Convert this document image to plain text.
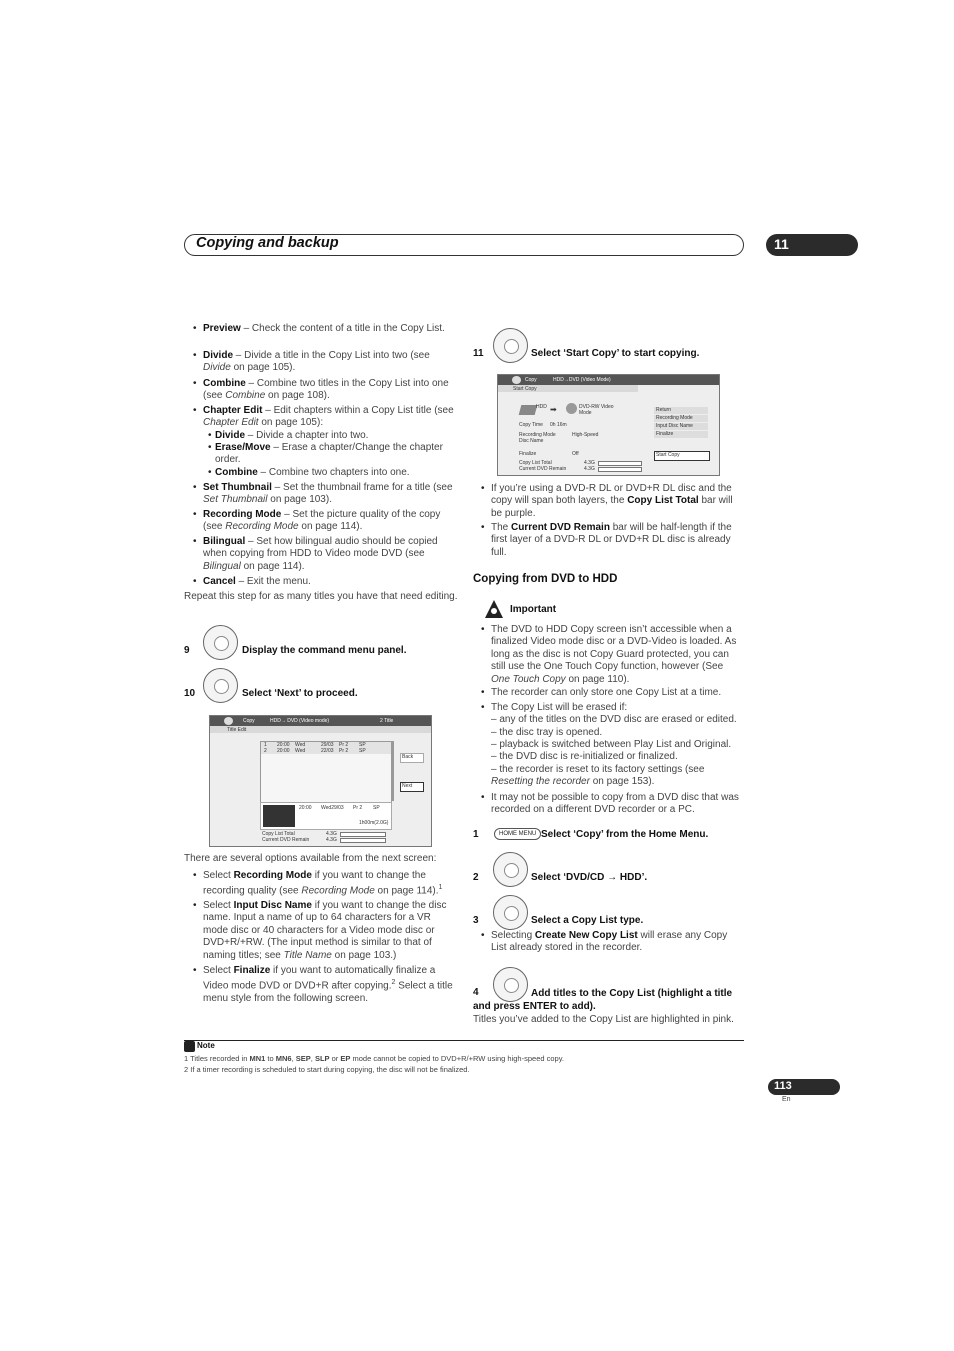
Copying and backup	11
• Preview – Check the content of a title in the Copy List.
• Divide – Divide a title in the Copy List into two (see Divide on page 105).
• Combine – Combine two titles in the Copy List into one (see Combine on page 108).
• Chapter Edit – Edit chapters within a Copy List title (see Chapter Edit on page 105):
• Divide – Divide a chapter into two.
• Erase/Move – Erase a chapter/Change the chapter order.
• Combine – Combine two chapters into one.
• Set Thumbnail – Set the thumbnail frame for a title (see Set Thumbnail on page 103).
• Recording Mode – Set the picture quality of the copy (see Recording Mode on page 114).
• Bilingual – Set how bilingual audio should be copied when copying from HDD to Video mode DVD (see Bilingual on page 114).
• Cancel – Exit the menu.
Repeat this step for as many titles you have that need editing.
9	Display the command menu panel.
10	Select ‘Next’ to proceed.
Copy	HDD→ DVD (Video mode)	2 Title
Title Edit
1 20:00 Wed	29/03 Pr 2 SP
2 20:00 Wed	22/03 Pr 2 SP
Back
Next
20:00 Wed29/03 Pr 2 SP
1h00m(2.0G)
Copy List Total	4.3G
Current DVD Remain	4.3G
There are several options available from the next screen:
• Select Recording Mode if you want to change the recording quality (see Recording Mode on page 114).$^1$
• Select Input Disc Name if you want to change the disc name. Input a name of up to 64 characters for a VR mode disc or 40 characters for a Video mode disc or DVD+R/+RW. (The input method is similar to that of naming titles; see Title Name on page 103.)
• Select Finalize if you want to automatically finalize a Video mode DVD or DVD+R after copying.$^2$ Select a title menu style from the following screen.
11	Select ‘Start Copy’ to start copying.
Copy	HDD→DVD (Video Mode)
Start Copy
HDD ➡	DVD-RW Video Mode
Copy Time 0h 16m
Recording Mode	High-Speed
Disc Name
Finalize	Off
Copy List Total	4.3G
Current DVD Remain	4.3G
Return
Recording Mode
Input Disc Name
Finalize
Start Copy
• If you’re using a DVD-R DL or DVD+R DL disc and the copy will span both layers, the Copy List Total bar will be purple.
• The Current DVD Remain bar will be half-length if the first layer of a DVD-R DL or DVD+R DL disc is already full.
Copying from DVD to HDD
Important
• The DVD to HDD Copy screen isn’t accessible when a finalized Video mode disc or a DVD-Video is loaded. As long as the disc is not Copy Guard protected, you can still use the One Touch Copy function, however (See One Touch Copy on page 110).
• The recorder can only store one Copy List at a time.
• The Copy List will be erased if:
– any of the titles on the DVD disc are erased or edited.
– the disc tray is opened.
– playback is switched between Play List and Original.
– the DVD disc is re-initialized or finalized.
– the recorder is reset to its factory settings (see
Resetting the recorder on page 153).
• It may not be possible to copy from a DVD disc that was recorded on a different DVD recorder or a PC.
1	HOME MENU Select ‘Copy’ from the Home Menu.
2	Select ‘DVD/CD → HDD’.
3	Select a Copy List type.
• Selecting Create New Copy List will erase any Copy List already stored in the recorder.
4	Add titles to the Copy List (highlight a title and press ENTER to add).
Titles you’ve added to the Copy List are highlighted in pink.
Note
1 Titles recorded in MN1 to MN6, SEP, SLP or EP mode cannot be copied to DVD+R/+RW using high-speed copy.
2 If a timer recording is scheduled to start during copying, the disc will not be finalized.
113
En
